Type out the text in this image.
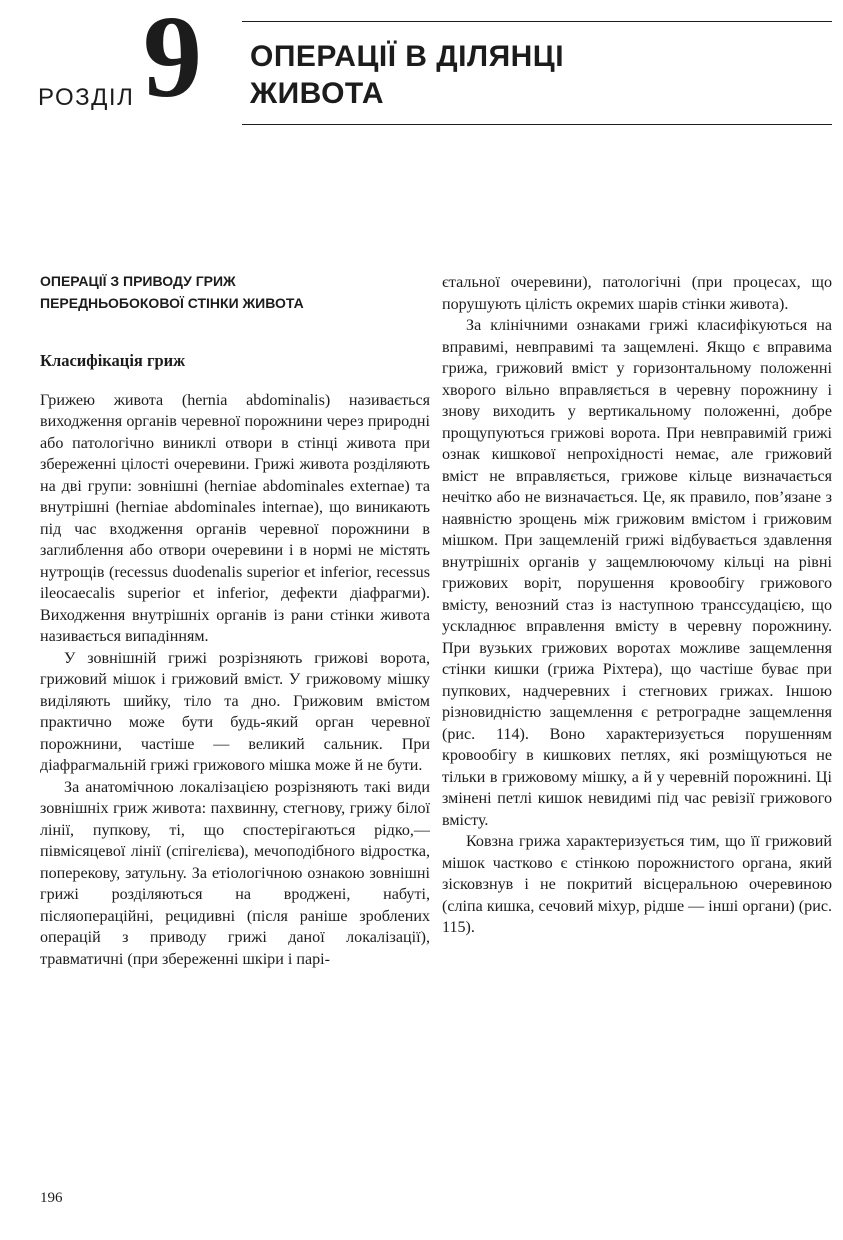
РОЗДІЛ 9 ОПЕРАЦІЇ В ДІЛЯНЦІ
ЖИВОТА
ОПЕРАЦІЇ З ПРИВОДУ ГРИЖ
ПЕРЕДНЬОБОКОВОЇ СТІНКИ ЖИВОТА
Класифікація гриж

Грижею живота (hernia abdominalis) називається виходження органів черевної порожнини через природні або патологічно виниклі отвори в стінці живота при збереженні цілості очеревини. Грижі живота розділяють на дві групи: зовнішні (herniae abdominales externae) та внутрішні (herniae abdominales internae), що виникають під час входження органів черевної порожнини в заглиблення або отвори очеревини і в нормі не містять нутрощів (recessus duodenalis superior et inferior, recessus ileocaecalis superior et inferior, дефекти діафрагми). Виходження внутрішніх органів із рани стінки живота називається випадінням.

У зовнішній грижі розрізняють грижові ворота, грижовий мішок і грижовий вміст. У грижовому мішку виділяють шийку, тіло та дно. Грижовим вмістом практично може бути будь-який орган черевної порожнини, частіше — великий сальник. При діафрагмальній грижі грижового мішка може й не бути.

За анатомічною локалізацією розрізняють такі види зовнішніх гриж живота: пахвинну, стегнову, грижу білої лінії, пупкову, ті, що спостерігаються рідко,— півмісяцевої лінії (спігелієва), мечоподібного відростка, поперекову, затульну. За етіологічною ознакою зовнішні грижі розділяються на вроджені, набуті, післяопераційні, рецидивні (після раніше зроблених операцій з приводу грижі даної локалізації), травматичні (при збереженні шкіри і парі-

єтальної очеревини), патологічні (при процесах, що порушують цілість окремих шарів стінки живота).

За клінічними ознаками грижі класифікуються на вправимі, невправимі та защемлені. Якщо є вправима грижа, грижовий вміст у горизонтальному положенні хворого вільно вправляється в черевну порожнину і знову виходить у вертикальному положенні, добре прощупуються грижові ворота. При невправимій грижі ознак кишкової непрохідності немає, але грижовий вміст не вправляється, грижове кільце визначається нечітко або не визначається. Це, як правило, пов’язане з наявністю зрощень між грижовим вмістом і грижовим мішком. При защемленій грижі відбувається здавлення внутрішніх органів у защемлюючому кільці на рівні грижових воріт, порушення кровообігу грижового вмісту, венозний стаз із наступною транссудацією, що ускладнює вправлення вмісту в черевну порожнину. При вузьких грижових воротах можливе защемлення стінки кишки (грижа Ріхтера), що частіше буває при пупкових, надчеревних і стегнових грижах. Іншою різновидністю защемлення є ретроградне защемлення (рис. 114). Воно характеризується порушенням кровообігу в кишкових петлях, які розміщуються не тільки в грижовому мішку, а й у черевній порожнині. Ці змінені петлі кишок невидимі під час ревізії грижового вмісту.

Ковзна грижа характеризується тим, що її грижовий мішок частково є стінкою порожнистого органа, який зісковзнув і не покритий вісцеральною очеревиною (сліпа кишка, сечовий міхур, рідше — інші органи) (рис. 115).

196
